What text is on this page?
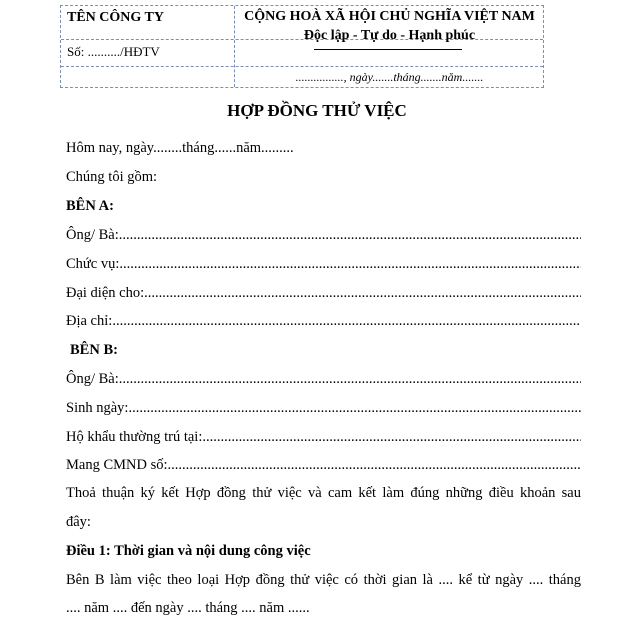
TÊN CÔNG TY
Số: ........../HĐTV
CỘNG HOÀ XÃ HỘI CHỦ NGHĨA VIỆT NAM
Độc lập - Tự do - Hạnh phúc
................, ngày.......tháng.......năm.......
HỢP ĐỒNG THỬ VIỆC
Hôm nay, ngày........tháng......năm.........
Chúng tôi gồm:
BÊN A:
Ông/ Bà:
.....
Chức vụ:
.....
Đại diện cho:
.....
Địa chỉ:
.....
BÊN B:
Ông/ Bà:
.....
Sinh ngày:
.....
Hộ khẩu thường trú tại:
.....
Mang CMND số:
.....
Thoả thuận ký kết Hợp đồng thử việc và cam kết làm đúng những điều khoản sau
đây:
Điều 1: Thời gian và nội dung công việc
Bên B làm việc theo loại Hợp đồng thử việc có thời gian là .... kể từ ngày .... tháng
.... năm .... đến ngày .... tháng .... năm ......
